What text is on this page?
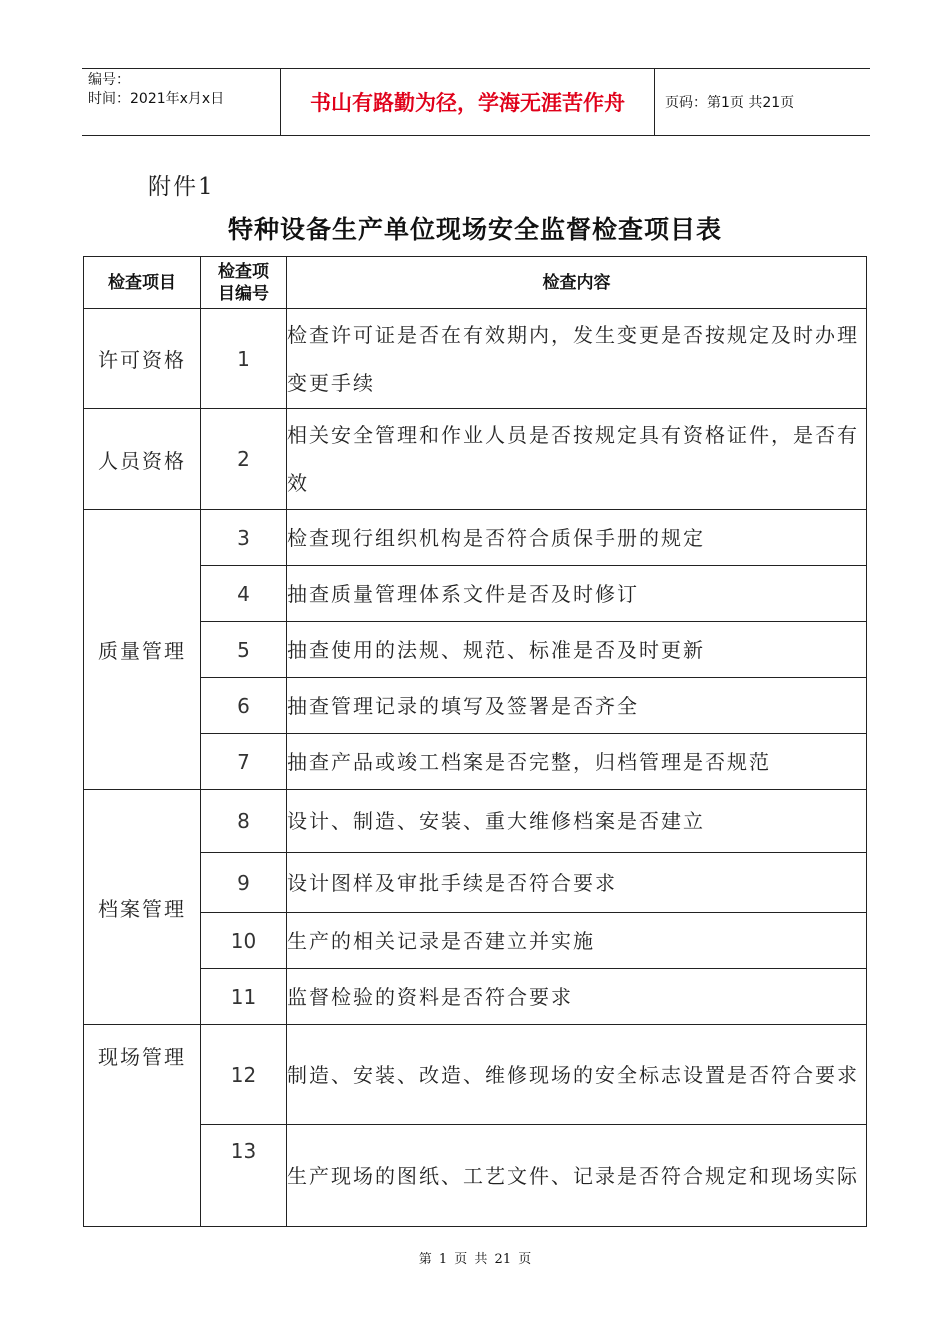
编号：
时间：2021年x月x日	书山有路勤为径，学海无涯苦作舟	页码：第1页 共21页
附件1
特种设备生产单位现场安全监督检查项目表
检查项目	检查项目编号	检查内容
许可资格	1	检查许可证是否在有效期内，发生变更是否按规定及时办理变更手续
人员资格	2	相关安全管理和作业人员是否按规定具有资格证件，是否有效
质量管理	3	检查现行组织机构是否符合质保手册的规定
	4	抽查质量管理体系文件是否及时修订
	5	抽查使用的法规、规范、标准是否及时更新
	6	抽查管理记录的填写及签署是否齐全
	7	抽查产品或竣工档案是否完整，归档管理是否规范
档案管理	8	设计、制造、安装、重大维修档案是否建立
	9	设计图样及审批手续是否符合要求
	10	生产的相关记录是否建立并实施
	11	监督检验的资料是否符合要求
现场管理	12	制造、安装、改造、维修现场的安全标志设置是否符合要求
	13	生产现场的图纸、工艺文件、记录是否符合规定和现场实际
第 1 页 共 21 页
